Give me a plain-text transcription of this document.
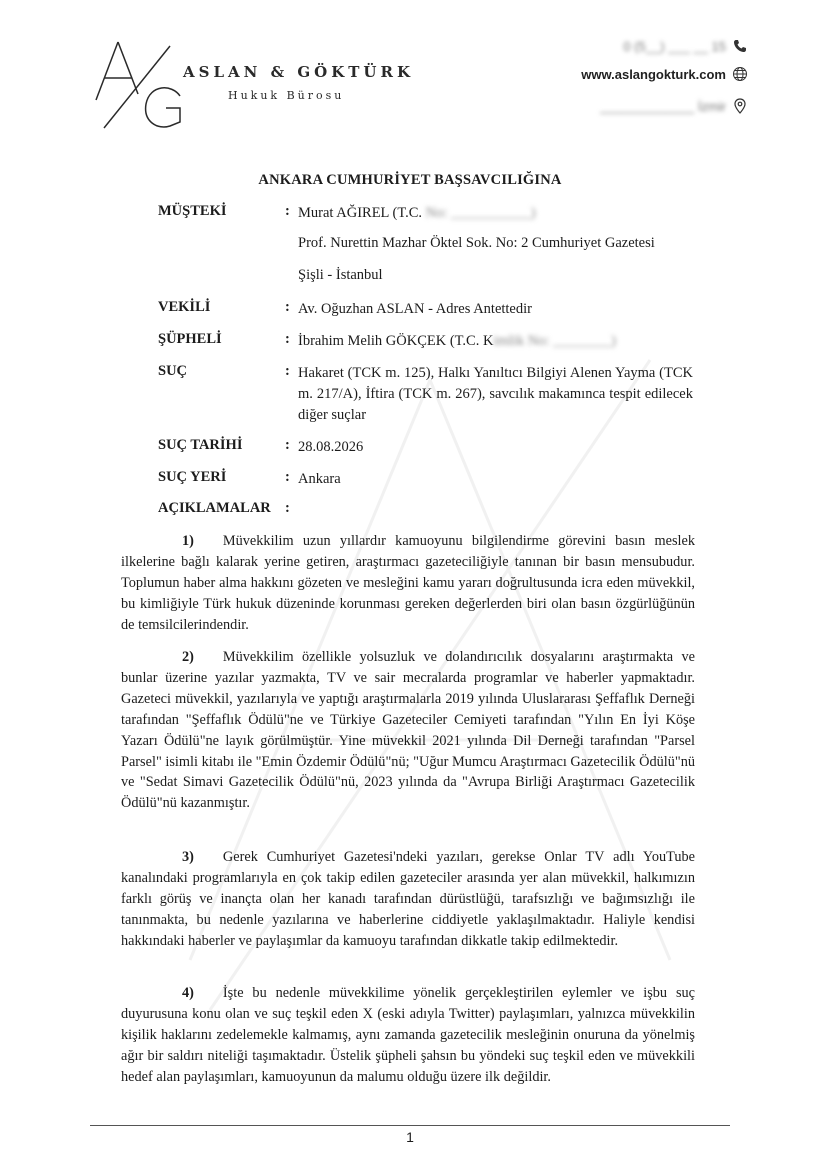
ASLAN & GÖKTÜRK
Hukuk Bürosu
0 (5__) ___ __ 15
www.aslangokturk.com
_____________ İzmir
ANKARA CUMHURİYET BAŞSAVCILIĞINA
MÜŞTEKİ	: Murat AĞIREL (T.C. No: ___________)
Prof. Nurettin Mazhar Öktel Sok. No: 2 Cumhuriyet Gazetesi
Şişli - İstanbul
VEKİLİ	: Av. Oğuzhan ASLAN - Adres Antettedir
ŞÜPHELİ	: İbrahim Melih GÖKÇEK (T.C. Kimlik No: ________)
SUÇ	: Hakaret (TCK m. 125), Halkı Yanıltıcı Bilgiyi Alenen Yayma (TCK m. 217/A), İftira (TCK m. 267), savcılık makamınca tespit edilecek diğer suçlar
SUÇ TARİHİ	: 28.08.2026
SUÇ YERİ	: Ankara
AÇIKLAMALAR :

1) Müvekkilim uzun yıllardır kamuoyunu bilgilendirme görevini basın meslek ilkelerine bağlı kalarak yerine getiren, araştırmacı gazeteciliğiyle tanınan bir basın mensubudur. Toplumun haber alma hakkını gözeten ve mesleğini kamu yararı doğrultusunda icra eden müvekkil, bu kimliğiyle Türk hukuk düzeninde korunması gereken değerlerden biri olan basın özgürlüğünün de temsilcilerindendir.

2) Müvekkilim özellikle yolsuzluk ve dolandırıcılık dosyalarını araştırmakta ve bunlar üzerine yazılar yazmakta, TV ve sair mecralarda programlar ve haberler yapmaktadır. Gazeteci müvekkil, yazılarıyla ve yaptığı araştırmalarla 2019 yılında Uluslararası Şeffaflık Derneği tarafından "Şeffaflık Ödülü"ne ve Türkiye Gazeteciler Cemiyeti tarafından "Yılın En İyi Köşe Yazarı Ödülü"ne layık görülmüştür. Yine müvekkil 2021 yılında Dil Derneği tarafından "Parsel Parsel" isimli kitabı ile "Emin Özdemir Ödülü"nü; "Uğur Mumcu Araştırmacı Gazetecilik Ödülü"nü ve "Sedat Simavi Gazetecilik Ödülü"nü, 2023 yılında da "Avrupa Birliği Araştırmacı Gazetecilik Ödülü"nü kazanmıştır.

3) Gerek Cumhuriyet Gazetesi'ndeki yazıları, gerekse Onlar TV adlı YouTube kanalındaki programlarıyla en çok takip edilen gazeteciler arasında yer alan müvekkil, halkımızın farklı görüş ve inançta olan her kanadı tarafından dürüstlüğü, tarafsızlığı ve bağımsızlığı ile tanınmakta, bu nedenle yazılarına ve haberlerine ciddiyetle yaklaşılmaktadır. Haliyle kendisi hakkındaki haberler ve paylaşımlar da kamuoyu tarafından dikkatle takip edilmektedir.

4) İşte bu nedenle müvekkilime yönelik gerçekleştirilen eylemler ve işbu suç duyurusuna konu olan ve suç teşkil eden X (eski adıyla Twitter) paylaşımları, yalnızca müvekkilin kişilik haklarını zedelemekle kalmamış, aynı zamanda gazetecilik mesleğinin onuruna da yönelmiş ağır bir saldırı niteliği taşımaktadır. Üstelik şüpheli şahsın bu yöndeki suç teşkil eden ve müvekkili hedef alan paylaşımları, kamuoyunun da malumu olduğu üzere ilk değildir.

1
